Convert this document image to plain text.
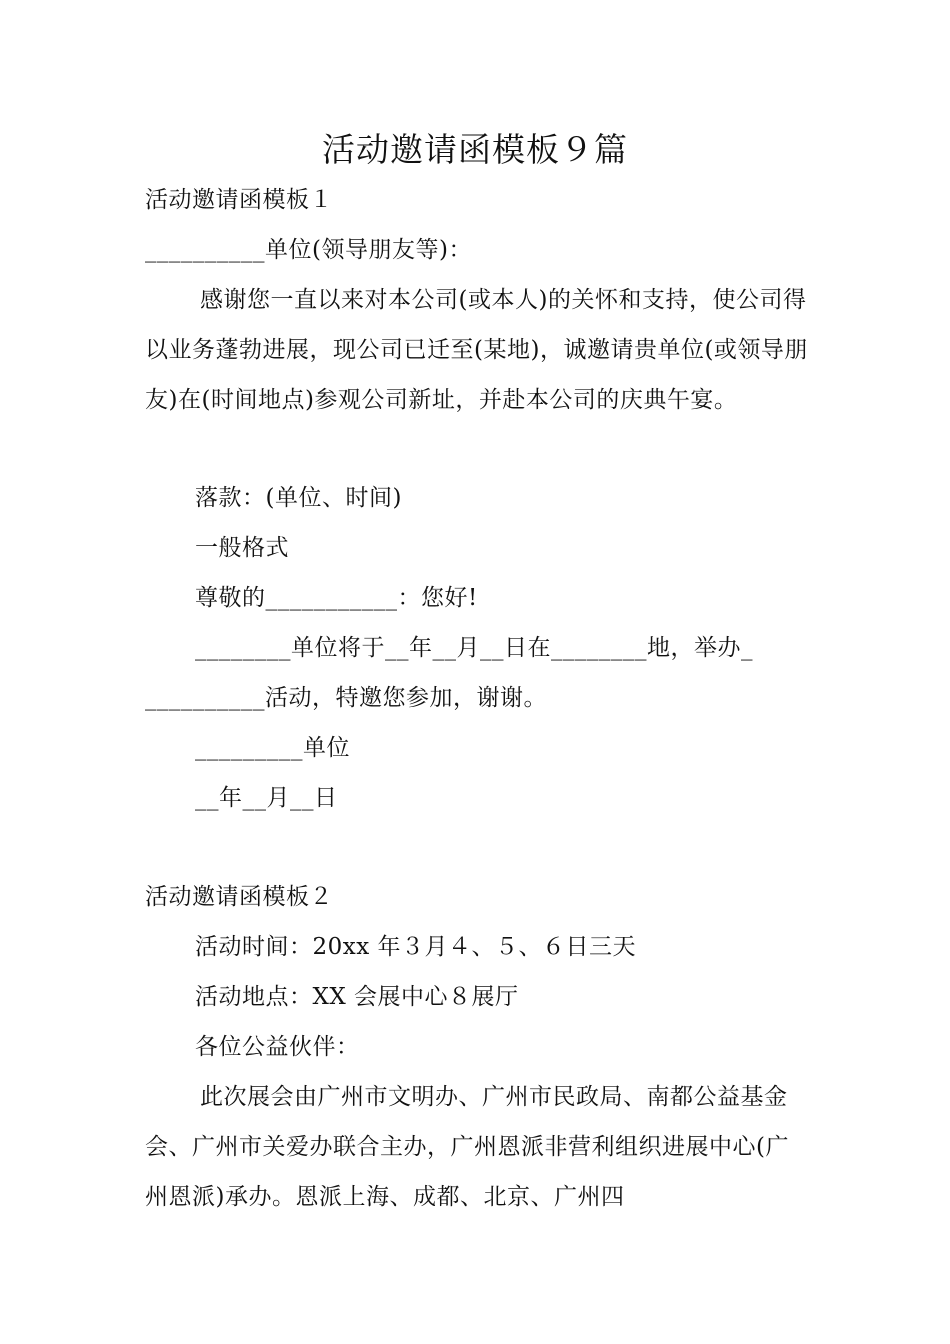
活动邀请函模板９篇
活动邀请函模板１
__________单位(领导朋友等)：
感谢您一直以来对本公司(或本人)的关怀和支持，使公司得以业务蓬勃进展，现公司已迁至(某地)，诚邀请贵单位(或领导朋友)在(时间地点)参观公司新址，并赴本公司的庆典午宴。
落款：(单位、时间)
一般格式
尊敬的___________：您好!
________单位将于__年__月__日在________地，举办_
__________活动，特邀您参加，谢谢。
_________单位
__年__月__日
活动邀请函模板２
活动时间：20xx 年３月４、５、６日三天
活动地点：XX 会展中心８展厅
各位公益伙伴：
此次展会由广州市文明办、广州市民政局、南都公益基金会、广州市关爱办联合主办，广州恩派非营利组织进展中心(广州恩派)承办。恩派上海、成都、北京、广州四
